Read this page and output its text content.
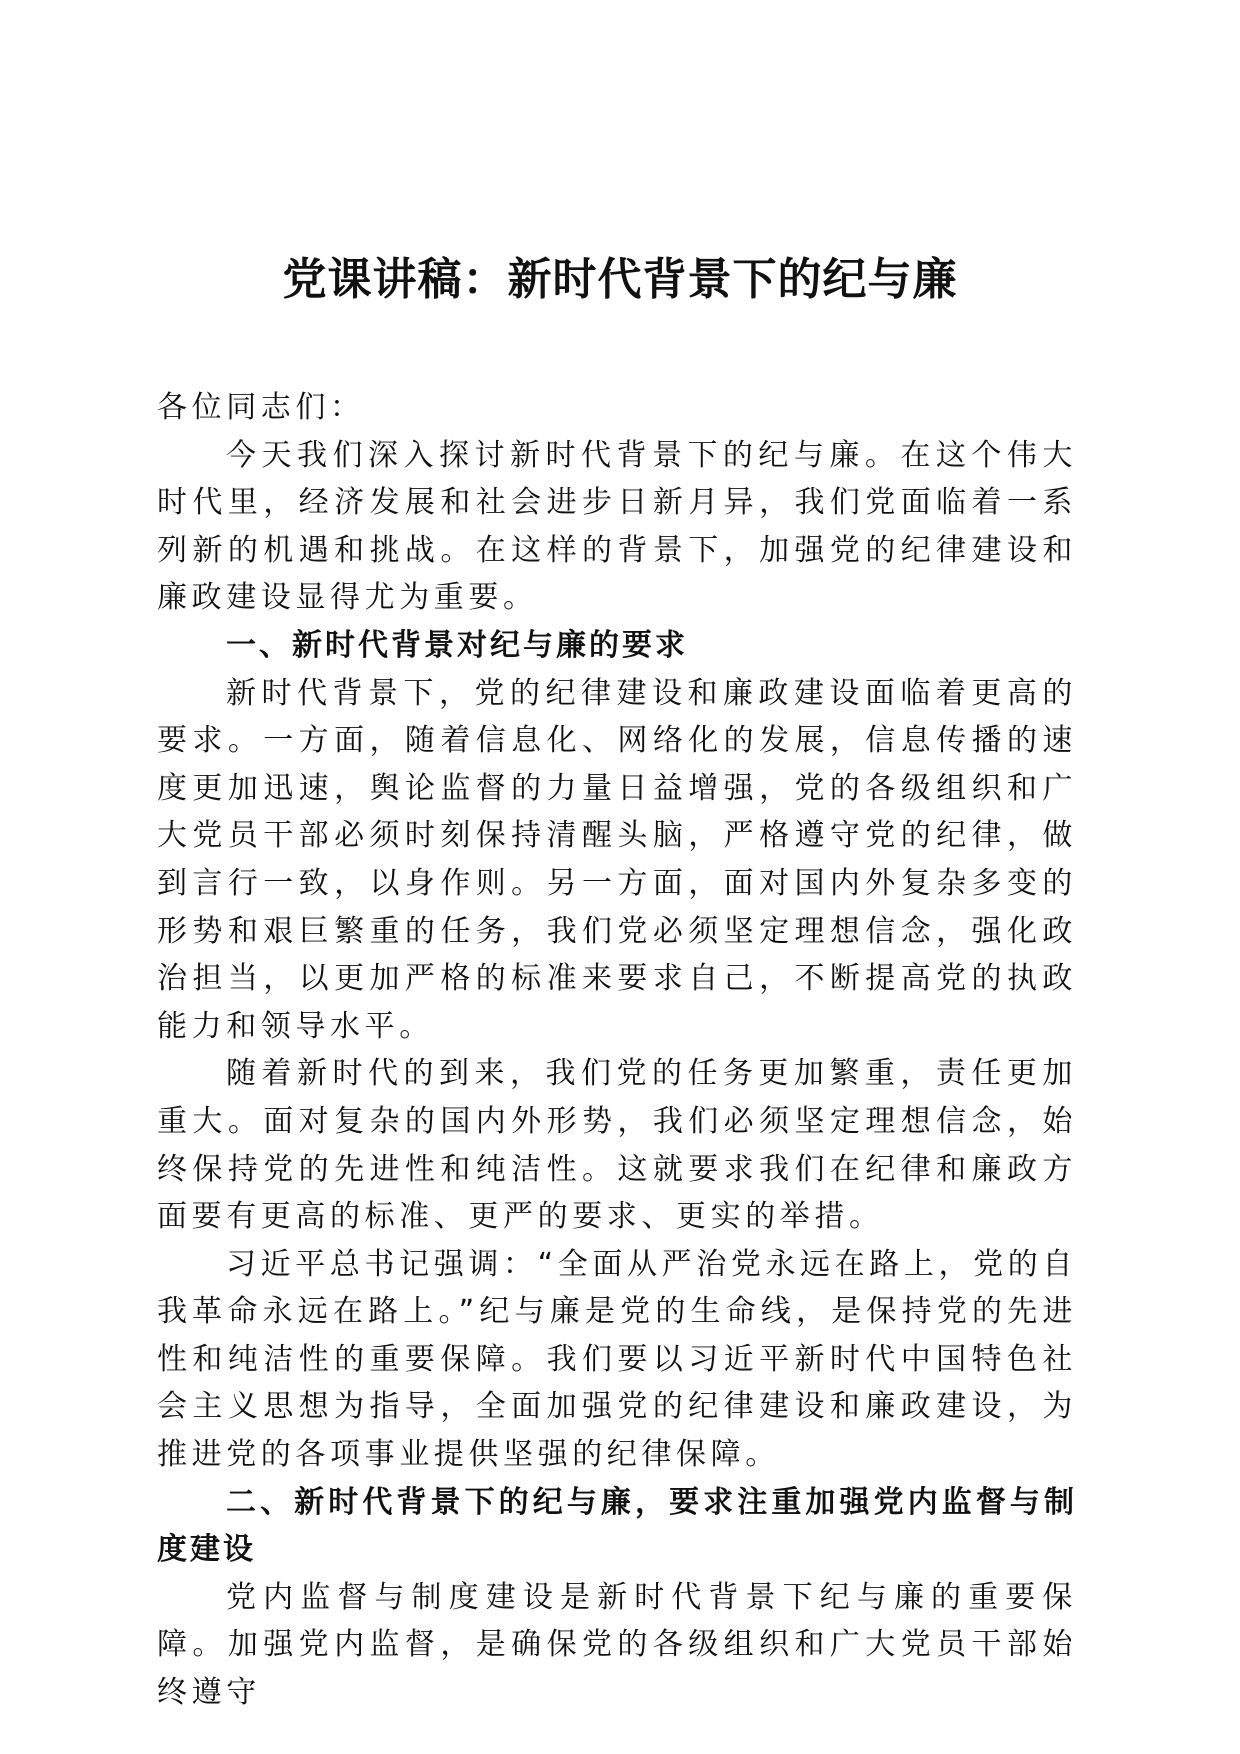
党课讲稿：新时代背景下的纪与廉

各位同志们：

今天我们深入探讨新时代背景下的纪与廉。在这个伟大时代里，经济发展和社会进步日新月异，我们党面临着一系列新的机遇和挑战。在这样的背景下，加强党的纪律建设和廉政建设显得尤为重要。

一、新时代背景对纪与廉的要求

新时代背景下，党的纪律建设和廉政建设面临着更高的要求。一方面，随着信息化、网络化的发展，信息传播的速度更加迅速，舆论监督的力量日益增强，党的各级组织和广大党员干部必须时刻保持清醒头脑，严格遵守党的纪律，做到言行一致，以身作则。另一方面，面对国内外复杂多变的形势和艰巨繁重的任务，我们党必须坚定理想信念，强化政治担当，以更加严格的标准来要求自己，不断提高党的执政能力和领导水平。

随着新时代的到来，我们党的任务更加繁重，责任更加重大。面对复杂的国内外形势，我们必须坚定理想信念，始终保持党的先进性和纯洁性。这就要求我们在纪律和廉政方面要有更高的标准、更严的要求、更实的举措。

习近平总书记强调：“全面从严治党永远在路上，党的自我革命永远在路上。”纪与廉是党的生命线，是保持党的先进性和纯洁性的重要保障。我们要以习近平新时代中国特色社会主义思想为指导，全面加强党的纪律建设和廉政建设，为推进党的各项事业提供坚强的纪律保障。

二、新时代背景下的纪与廉，要求注重加强党内监督与制度建设

党内监督与制度建设是新时代背景下纪与廉的重要保障。加强党内监督，是确保党的各级组织和广大党员干部始终遵守
